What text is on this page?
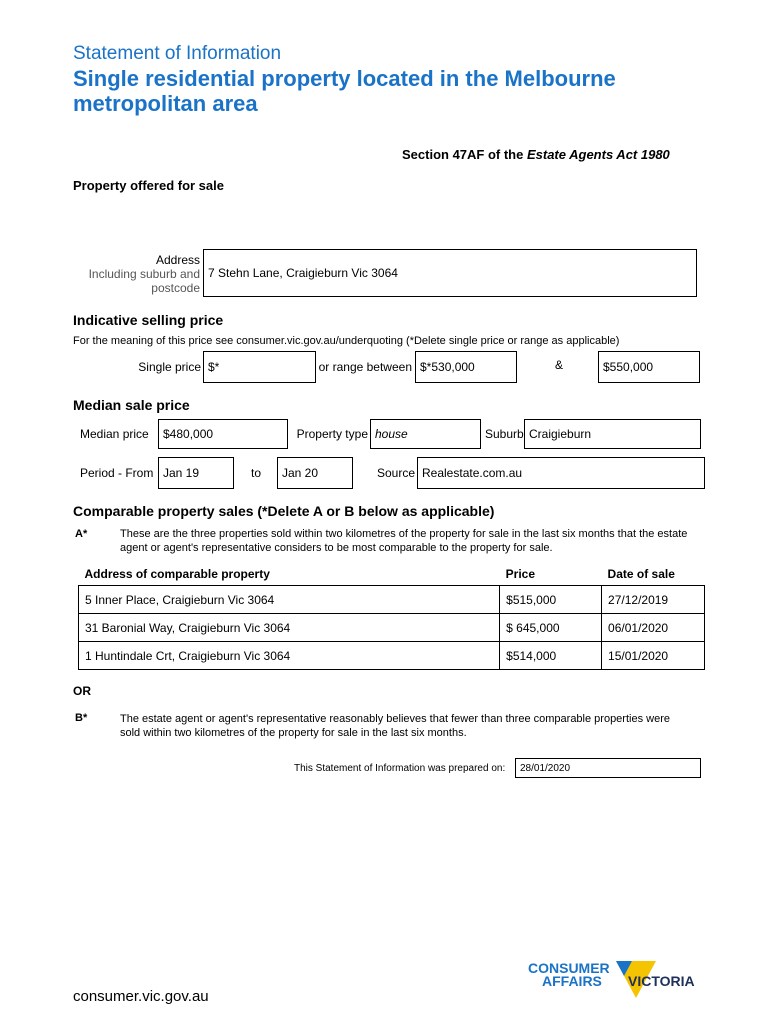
Statement of Information
Single residential property located in the Melbourne metropolitan area
Section 47AF of the Estate Agents Act 1980
Property offered for sale
Address
Including suburb and
postcode
7 Stehn Lane, Craigieburn Vic 3064
Indicative selling price
For the meaning of this price see consumer.vic.gov.au/underquoting (*Delete single price or range as applicable)
Single price $*	or range between $*530,000	&	$550,000
Median sale price
Median price	$480,000	Property type house	Suburb Craigieburn
Period - From Jan 19	to	Jan 20	Source Realestate.com.au
Comparable property sales (*Delete A or B below as applicable)
A*	These are the three properties sold within two kilometres of the property for sale in the last six months that the estate agent or agent's representative considers to be most comparable to the property for sale.
Address of comparable property	Price	Date of sale
5 Inner Place, Craigieburn Vic 3064	$515,000	27/12/2019
31 Baronial Way, Craigieburn Vic 3064	$ 645,000	06/01/2020
1 Huntindale Crt, Craigieburn Vic 3064	$514,000	15/01/2020
OR
B*	The estate agent or agent's representative reasonably believes that fewer than three comparable properties were sold within two kilometres of the property for sale in the last six months.
This Statement of Information was prepared on:	28/01/2020
consumer.vic.gov.au
CONSUMER
AFFAIRS VICTORIA
